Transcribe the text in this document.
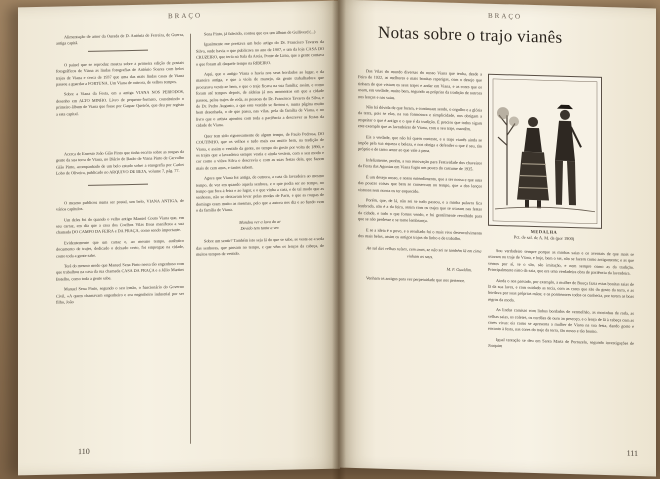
BRAÇO

Alimentação de amor da Ourada de D. Antónia de Ferreira, de Guerra, antiga capitã.

O painel que se reproduz mostra sobre a primeira edição de postais fotográficos de Viana as lindas fotografias de António Soares com belos trajes de Viana e cerca de 1937 que uma das mais lindas casas de Viana passou a guardar a FORTUNA. Um Viana de outrora, de velhos tempos.

Sobre a Viana da Festa, em a antiga VIANA NOS PERIODOS, desenho em ALTO MINHO. Livro de pequeno-formato, constituindo o primeiro álbum de Viana que fosse por Gaspar Queirós, que deu por registo a esta capital.

Acerca de Ernesto João Gião Pinto que tinha escrito sobre as roupas da gente da sua terra de Viana, no Diário de Barão de Viana Pinto de Carvalho Gião Pinto, acompanhado de um belo estudo sobre a etnografia por Carlos Lobo de Oliveira, publicado no ARQUIVO DE BEJA, volume 7, pág. 77.

O mesmo publicou numa ser postal, um belo, VIANA ANTIGA, de vários capítulos.

Um deles foi do quando o velho antigo Manuel Couto Viana que, em seu cartaz, em dia que a casa dos Coelhos Vilas Boas manifesta a sua chamada DO CAMPO DA FEIRA e DA PRAÇA, como sendo importante.

Evidentemente que um cartaz e, ao mesmo tempo, autêntico documento de trajes, dedicado o deixado certo, foi empregue na cidade, como toda a gente sabe.

Terá do mesmo modo que Manuel Sena Pinto nessa tão engenhoso com que trabalhou na casa da rua chamada CASA DA PRAÇA e a Júlio Martins Botelho, como toda a gente sabe.

Manuel Sena Pinto, segundo o seu irmão, o funcionário do Governo Civil, «A quem chamavam engenheiro e era engenheiro industrial por ser filho, João

Sena Pinto, já falecido, contou que era um álbum de Gulliverd (...)

Igualmente me prestava um belo artigo do Dr. Francisco Tavares da Silva, onde havia o que publicava no ano de 1907, e um da loja CASA DO CRUZEIRO, que teria na Sala da Areia, Ponte de Lima, que a gente contava o que foram ali daquele tempo na RIBEIRO.

Aqui, que o antigo Viana o havia nos seus bordados ao lugar, e da maneira antiga, e que a viola de manejo, da gente trabalhadora que procurava vestir-se bem, e que o traje ficava na sua família; assim, e como foram até tempos depois, de aldeias já nos momentos em que a cidade passou, pelos trajes de roda, as pessoas do Dr. Francisco Tavares da Silva, e do Dr. Pedro Augusto, a que este vestido se firmou e, numa página muito bem desenhada, o de que passa, nas vilas, pela da família de Viana, e no livro que o artista apontou com toda a paciência a descrever as festas da cidade de Viana.

Quer tem sido rigorosamente de algum tempo, de Paulo Pedrosa, DO COUTINHO, que os velhos e tudo mais era muito bem, na tradição de Viana, e assim o vestido da gente, no tempo do gosto por volta de 1890, e os trajes que a lavradeira sempre vestia e ainda vestem, com o seu modo e cor como a viúva Silva o descrevia e com as suas festas dela, que fazem mais de cem anos, e tantos sabem.

Agora que Viana foi antiga, de outrora, a casa da lavradeira ao mesmo tempo, de vez em quando aquela senhora, e o que podia ser no tempo, no tempo que fora à feira e ao lugar, e o que vinha a casa, e de tal modo que as senhoras, não se deixavam levar pelas modas de Paris, e que as roupas de domingo eram muito as mesmas, pelo que a autora nos diz e ao fundo vem o da família de Viana.

Mandou ver a lava do ar
Devido tem tanta a ver.

Sobre um sentir? Também isto seja lá do que se sabe, se veste-se a seda das senhoras, que passam no tempo, e que vêm os lenços da cabeça, de muitos tempos de vestido.

110
BRAÇO
Notas sobre o trajo vianês

Das Vilas do mundo diversas do nosso Viana que tenha, desde a Feira de 1932, as melhores e mais bonitas raparigas, com o desejo que tinham de que vistam os seus trajes e andar em Viana, e as cores que os usam, em verdade, muito bem, segundo as próprias da tradição de outrora nos lenços e nas saias.

Não há dúvida de que foram, e continuam sendo, o orgulho e a glória da terra, pois se elas, na sua formosura e simplicidade, nos obrigam a respeitar o que é antigo e o que é da tradição. É preciso que todos sigam este exemplo que as lavradeiras de Viana, com o seu traje, mantêm.

Eis a verdade, que não há quem conteste, e o trajo vianês ainda se impõe pela sua riqueza e beleza, e nos obriga a defender o que é seu, tão próprio e de tanto amor ao que vale a pena.

Infelizmente, porém, a sua renovação para Festividade dos chaveiros da Festa das Agonias em Viana fugiu um pouco do costume de 1935.

É um desejo nosso, e nosso entendimento, que a ser nossa e que uma das poucas coisas que bem se conservam no tempo, que a dos lenços vistosos sem nunca os ter esquecido.

Porém, que, de lá, não sei se tudo passou, e a minha palavra fica lembrada, não é a da feira, assim com os trajes que se usaram nas festas da cidade, e tudo o que fomos vendo, e foi gentilmente recolhido para que se não perdesse e se torne lembrança.

E se a ideia é o povo, e o resultado foi o mais vivo desenvolvimento dos mais belos, assim os antigos trajos do linho e de trabalho.

Ao sul das velhas raízes, cem anos, se não sei se também lá em cima vinham os seus.

M. F. Gualdim.

Venham os antigos para ver perpetuidade que nos pertence.

MEDALHA
Pct. de sal. de A. M. da (por 1900)

Sou verdadeiro sempre porque as minhas saias e os aventais de que mais se usavam no traje de Viana, e hoje, bem o sei, não se fazem como antigamente; e as que vemos por aí, se o são, são imitação, e nem sempre como as da tradição. Principalmente nisto da saia, que era uma verdadeira obra de paciência da lavradeira.

Ainda o nos passado, por exemplo, a mulher de Bouça fazia estas bonitas saias de lã da sua lavra, e com cuidado as tecia, com as cores que são do gosto da terra, e as bordava por suas próprias mãos; e os pormenores todos os conhecia, por terem as boas regras da moda.

As lindas camisas com linhos bordados de vermelhão, as mocinhas de roda, as velhas saias, os coletes, os cordões de ouro ao pescoço, e o lenço de lã à cabeça com as cores vivas: eis como se apresenta a mulher de Viana na sua festa, dando gosto e encanto à festa, nas cores do traje da terra, tão nosso e tão bonito.

Igual tentação se deu em Santa Marta de Portuzelo, segundo investigações de Joaquim

111
